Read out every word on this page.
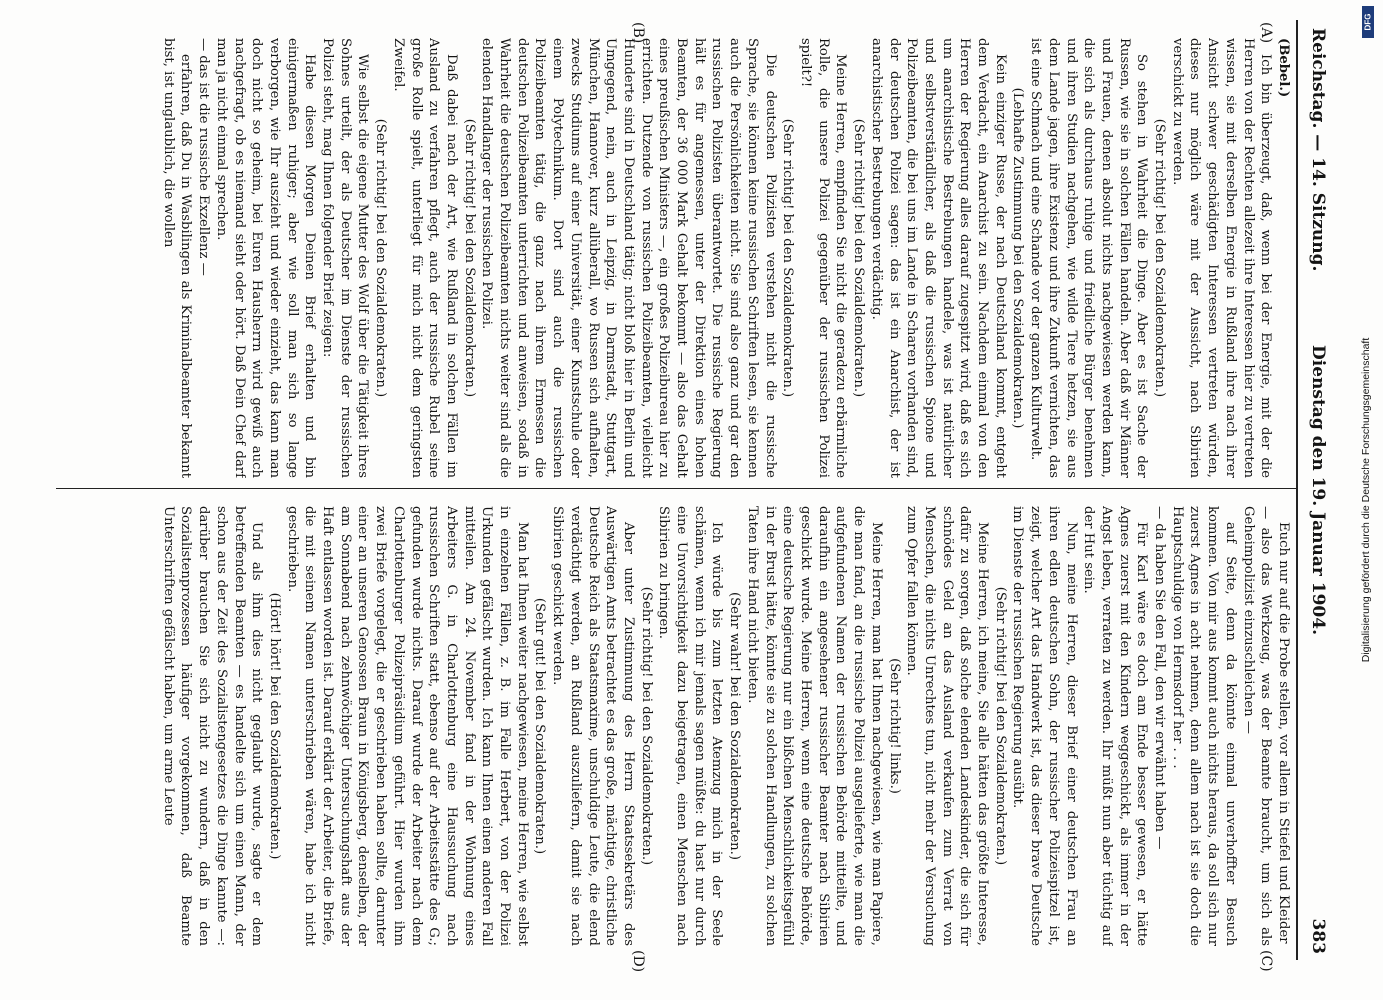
Reichstag. — 14. Sitzung.
Dienstag den 19. Januar 1904.
383
(A)
(B)
(C)
(D)

(Bebel.)

Ich bin überzeugt, daß, wenn bei der Energie, mit der die Herren von der Rechten allezeit ihre Interessen hier zu vertreten wissen, sie mit derselben Energie in Rußland ihre nach ihrer Ansicht schwer geschädigten Interessen vertreten würden, dieses nur möglich wäre mit der Aussicht, nach Sibirien verschickt zu werden.

(Sehr richtig! bei den Sozialdemokraten.)

So stehen in Wahrheit die Dinge. Aber es ist Sache der Russen, wie sie in solchen Fällen handeln. Aber daß wir Männer und Frauen, denen absolut nichts nachgewiesen werden kann, die sich als durchaus ruhige und friedliche Bürger benehmen und ihren Studien nachgehen, wie wilde Tiere hetzen, sie aus dem Lande jagen, ihre Existenz und ihre Zukunft vernichten, das ist eine Schmach und eine Schande vor der ganzen Kulturwelt.

(Lebhafte Zustimmung bei den Sozialdemokraten.)

Kein einziger Russe, der nach Deutschland kommt, entgeht dem Verdacht, ein Anarchist zu sein. Nachdem einmal von den Herren der Regierung alles darauf zugespitzt wird, daß es sich um anarchistische Bestrebungen handele, was ist natürlicher und selbstverständlicher, als daß die russischen Spione und Polizeibeamten, die bei uns im Lande in Scharen vorhanden sind, der deutschen Polizei sagen: das ist ein Anarchist, der ist anarchistischer Bestrebungen verdächtig.

(Sehr richtig! bei den Sozialdemokraten.)

Meine Herren, empfinden Sie nicht die geradezu erbärmliche Rolle, die unsere Polizei gegenüber der russischen Polizei spielt?!

(Sehr richtig! bei den Sozialdemokraten.)

Die deutschen Polizisten verstehen nicht die russische Sprache, sie können keine russischen Schriften lesen, sie kennen auch die Persönlichkeiten nicht. Sie sind also ganz und gar den russischen Polizisten überantwortet. Die russische Regierung hält es für angemessen, unter der Direktion eines hohen Beamten, der 36 000 Mark Gehalt bekommt — also das Gehalt eines preußischen Ministers —, ein großes Polizeibureau hier zu errichten. Dutzende von russischen Polizeibeamten, vielleicht Hunderte sind in Deutschland tätig; nicht bloß hier in Berlin und Umgegend, nein, auch in Leipzig, in Darmstadt, Stuttgart, München, Hannover, kurz allüberall, wo Russen sich aufhalten, zwecks Studiums auf einer Universität, einer Kunstschule oder einem Polytechnikum. Dort sind auch die russischen Polizeibeamten tätig, die ganz nach ihrem Ermessen die deutschen Polizeibeamten unterrichten und anweisen, sodaß in Wahrheit die deutschen Polizeibeamten nichts weiter sind als die elenden Handlanger der russischen Polizei.

(Sehr richtig! bei den Sozialdemokraten.)

Daß dabei nach der Art, wie Rußland in solchen Fällen im Ausland zu verfahren pflegt, auch der russische Rubel seine große Rolle spielt, unterliegt für mich nicht dem geringsten Zweifel.

(Sehr richtig! bei den Sozialdemokraten.)

Wie selbst die eigene Mutter des Wolf über die Tätigkeit ihres Sohnes urteilt, der als Deutscher im Dienste der russischen Polizei steht, mag Ihnen folgender Brief zeigen:

Habe diesen Morgen Deinen Brief erhalten und bin einigermaßen ruhiger; aber wie soll man sich so lange verborgen, wie Ihr auszieht und wieder einzieht, das kann man doch nicht so geheim, bei Euren Hausherrn wird gewiß auch nachgefragt, ob es niemand sieht oder hört. Daß Dein Chef darf man ja nicht einmal sprechen.

— das ist die russische Exzellenz —

erfahren, daß Du in Wasbilingen als Kriminalbeamter bekannt bist, ist unglaublich, die wollen

Euch nur auf die Probe stellen, vor allem in Stiefel und Kleider

— also das Werkzeug, was der Beamte braucht, um sich als Geheimpolizist einzuschleichen —

auf Seite, denn da könnte einmal unverhoffter Besuch kommen. Von mir aus kommt auch nichts heraus, da soll sich nur zuerst Agnes in acht nehmen, denn allem nach ist sie doch die Hauptschuldige von Hermsdorf her . . .

— da haben Sie den Fall, den wir erwähnt haben —

Für Karl wäre es doch am Ende besser gewesen, er hätte Agnes zuerst mit den Kindern weggeschickt, als immer in der Angst leben, verraten zu werden. Ihr müßt nun aber tüchtig auf der Hut sein.

Nun, meine Herren, dieser Brief einer deutschen Frau an ihren edlen deutschen Sohn, der russischer Polizeispitzel ist, zeigt, welcher Art das Handwerk ist, das dieser brave Deutsche im Dienste der russischen Regierung ausübt.

(Sehr richtig! bei den Sozialdemokraten.)

Meine Herren, ich meine, Sie alle hätten das größte Interesse, dafür zu sorgen, daß solche elenden Landeskinder, die sich für schnödes Geld an das Ausland verkaufen zum Verrat von Menschen, die nichts Unrechtes tun, nicht mehr der Versuchung zum Opfer fallen können.

(Sehr richtig! links.)

Meine Herren, man hat Ihnen nachgewiesen, wie man Papiere, die man fand, an die russische Polizei ausgelieferte, wie man die aufgefundenen Namen der russischen Behörde mitteilte, und daraufhin ein angesehener russischer Beamter nach Sibirien geschickt wurde. Meine Herren, wenn eine deutsche Behörde, eine deutsche Regierung nur ein bißchen Menschlichkeitsgefühl in der Brust hätte, könnte sie zu solchen Handlungen, zu solchen Taten ihre Hand nicht bieten.

(Sehr wahr! bei den Sozialdemokraten.)

Ich würde bis zum letzten Atemzug mich in der Seele schämen, wenn ich mir jemals sagen müßte: du hast nur durch eine Unvorsichtigkeit dazu beigetragen, einen Menschen nach Sibirien zu bringen.

(Sehr richtig! bei den Sozialdemokraten.)

Aber unter Zustimmung des Herrn Staatssekretärs des Auswärtigen Amts betrachtet es das große, mächtige, christliche Deutsche Reich als Staatsmaxime, unschuldige Leute, die elend verdächtigt werden, an Rußland auszuliefern, damit sie nach Sibirien geschickt werden.

(Sehr gut! bei den Sozialdemokraten.)

Man hat Ihnen weiter nachgewiesen, meine Herren, wie selbst in einzelnen Fällen, z. B. im Falle Herbert, von der Polizei Urkunden gefälscht wurden. Ich kann Ihnen einen anderen Fall mitteilen. Am 24. November fand in der Wohnung eines Arbeiters G. in Charlottenburg eine Haussuchung nach russischen Schriften statt, ebenso auf der Arbeitsstätte des G.; gefunden wurde nichts. Darauf wurde der Arbeiter nach dem Charlottenburger Polizeipräsidium geführt. Hier wurden ihm zwei Briefe vorgelegt, die er geschrieben haben sollte, darunter einer an unseren Genossen Braun in Königsberg, denselben, der am Sonnabend nach zehnwöchiger Untersuchungshaft aus der Haft entlassen worden ist. Darauf erklärt der Arbeiter, die Briefe, die mit seinem Namen unterschrieben wären, habe ich nicht geschrieben.

(Hört! hört! bei den Sozialdemokraten.)

Und als ihm dies nicht geglaubt wurde, sagte er dem betreffenden Beamten — es handelte sich um einen Mann, der schon aus der Zeit des Sozialistengesetzes die Dinge kannte —: darüber brauchen Sie sich nicht zu wundern, daß in den Sozialistenprozessen häufiger vorgekommen, daß Beamte Unterschriften gefälscht haben, um arme Leute

Digitalisierung gefördert durch die Deutsche Forschungsgemeinschaft
DFG
